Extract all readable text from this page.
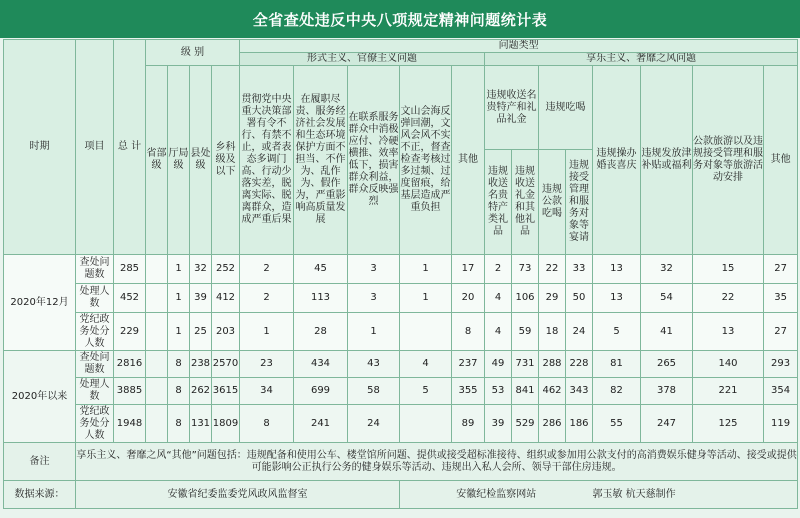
全省查处违反中央八项规定精神问题统计表
时期	项目	总 计	级 别				问题类型												
							形式主义、官僚主义问题					享乐主义、奢靡之风问题							
			省部级	厅局级	县处级	乡科级及以下	贯彻党中央重大决策部署有令不行、有禁不止，或者表态多调门高、行动少落实差，脱离实际、脱离群众，造成严重后果	在履职尽责、服务经济社会发展和生态环境保护方面不担当、不作为、乱作为、假作为，严重影响高质量发展	在联系服务群众中消极应付、冷硬横推、效率低下，损害群众利益，群众反映强烈	文山会海反弹回潮，文风会风不实不正，督查检查考核过多过频、过度留痕，给基层造成严重负担	其他	违规收送名贵特产和礼品礼金		违规吃喝		违规操办婚丧喜庆	违规发放津补贴或福利	公款旅游以及违规接受管理和服务对象等旅游活动安排	其他
												违规收送名贵特产类礼品	违规收送礼金和其他礼品	违规公款吃喝	违规接受管理和服务对象等宴请				
2020年12月	查处问题数	285		1	32	252	2	45	3	1	17	2	73	22	33	13	32	15	27
	处理人数	452		1	39	412	2	113	3	1	20	4	106	29	50	13	54	22	35
	党纪政务处分人数	229		1	25	203	1	28	1		8	4	59	18	24	5	41	13	27
2020年以来	查处问题数	2816		8	238	2570	23	434	43	4	237	49	731	288	228	81	265	140	293
	处理人数	3885		8	262	3615	34	699	58	5	355	53	841	462	343	82	378	221	354
	党纪政务处分人数	1948		8	131	1809	8	241	24		89	39	529	286	186	55	247	125	119
备注	享乐主义、奢靡之风“其他”问题包括：违规配备和使用公车、楼堂馆所问题、提供或接受超标准接待、组织或参加用公款支付的高消费娱乐健身等活动、接受或提供可能影响公正执行公务的健身娱乐等活动、违规出入私人会所、领导干部住房违规。																		
数据来源：	安徽省纪委监委党风政风监督室									安徽纪检监察网站						郭玉敏 杭天慈制作			
